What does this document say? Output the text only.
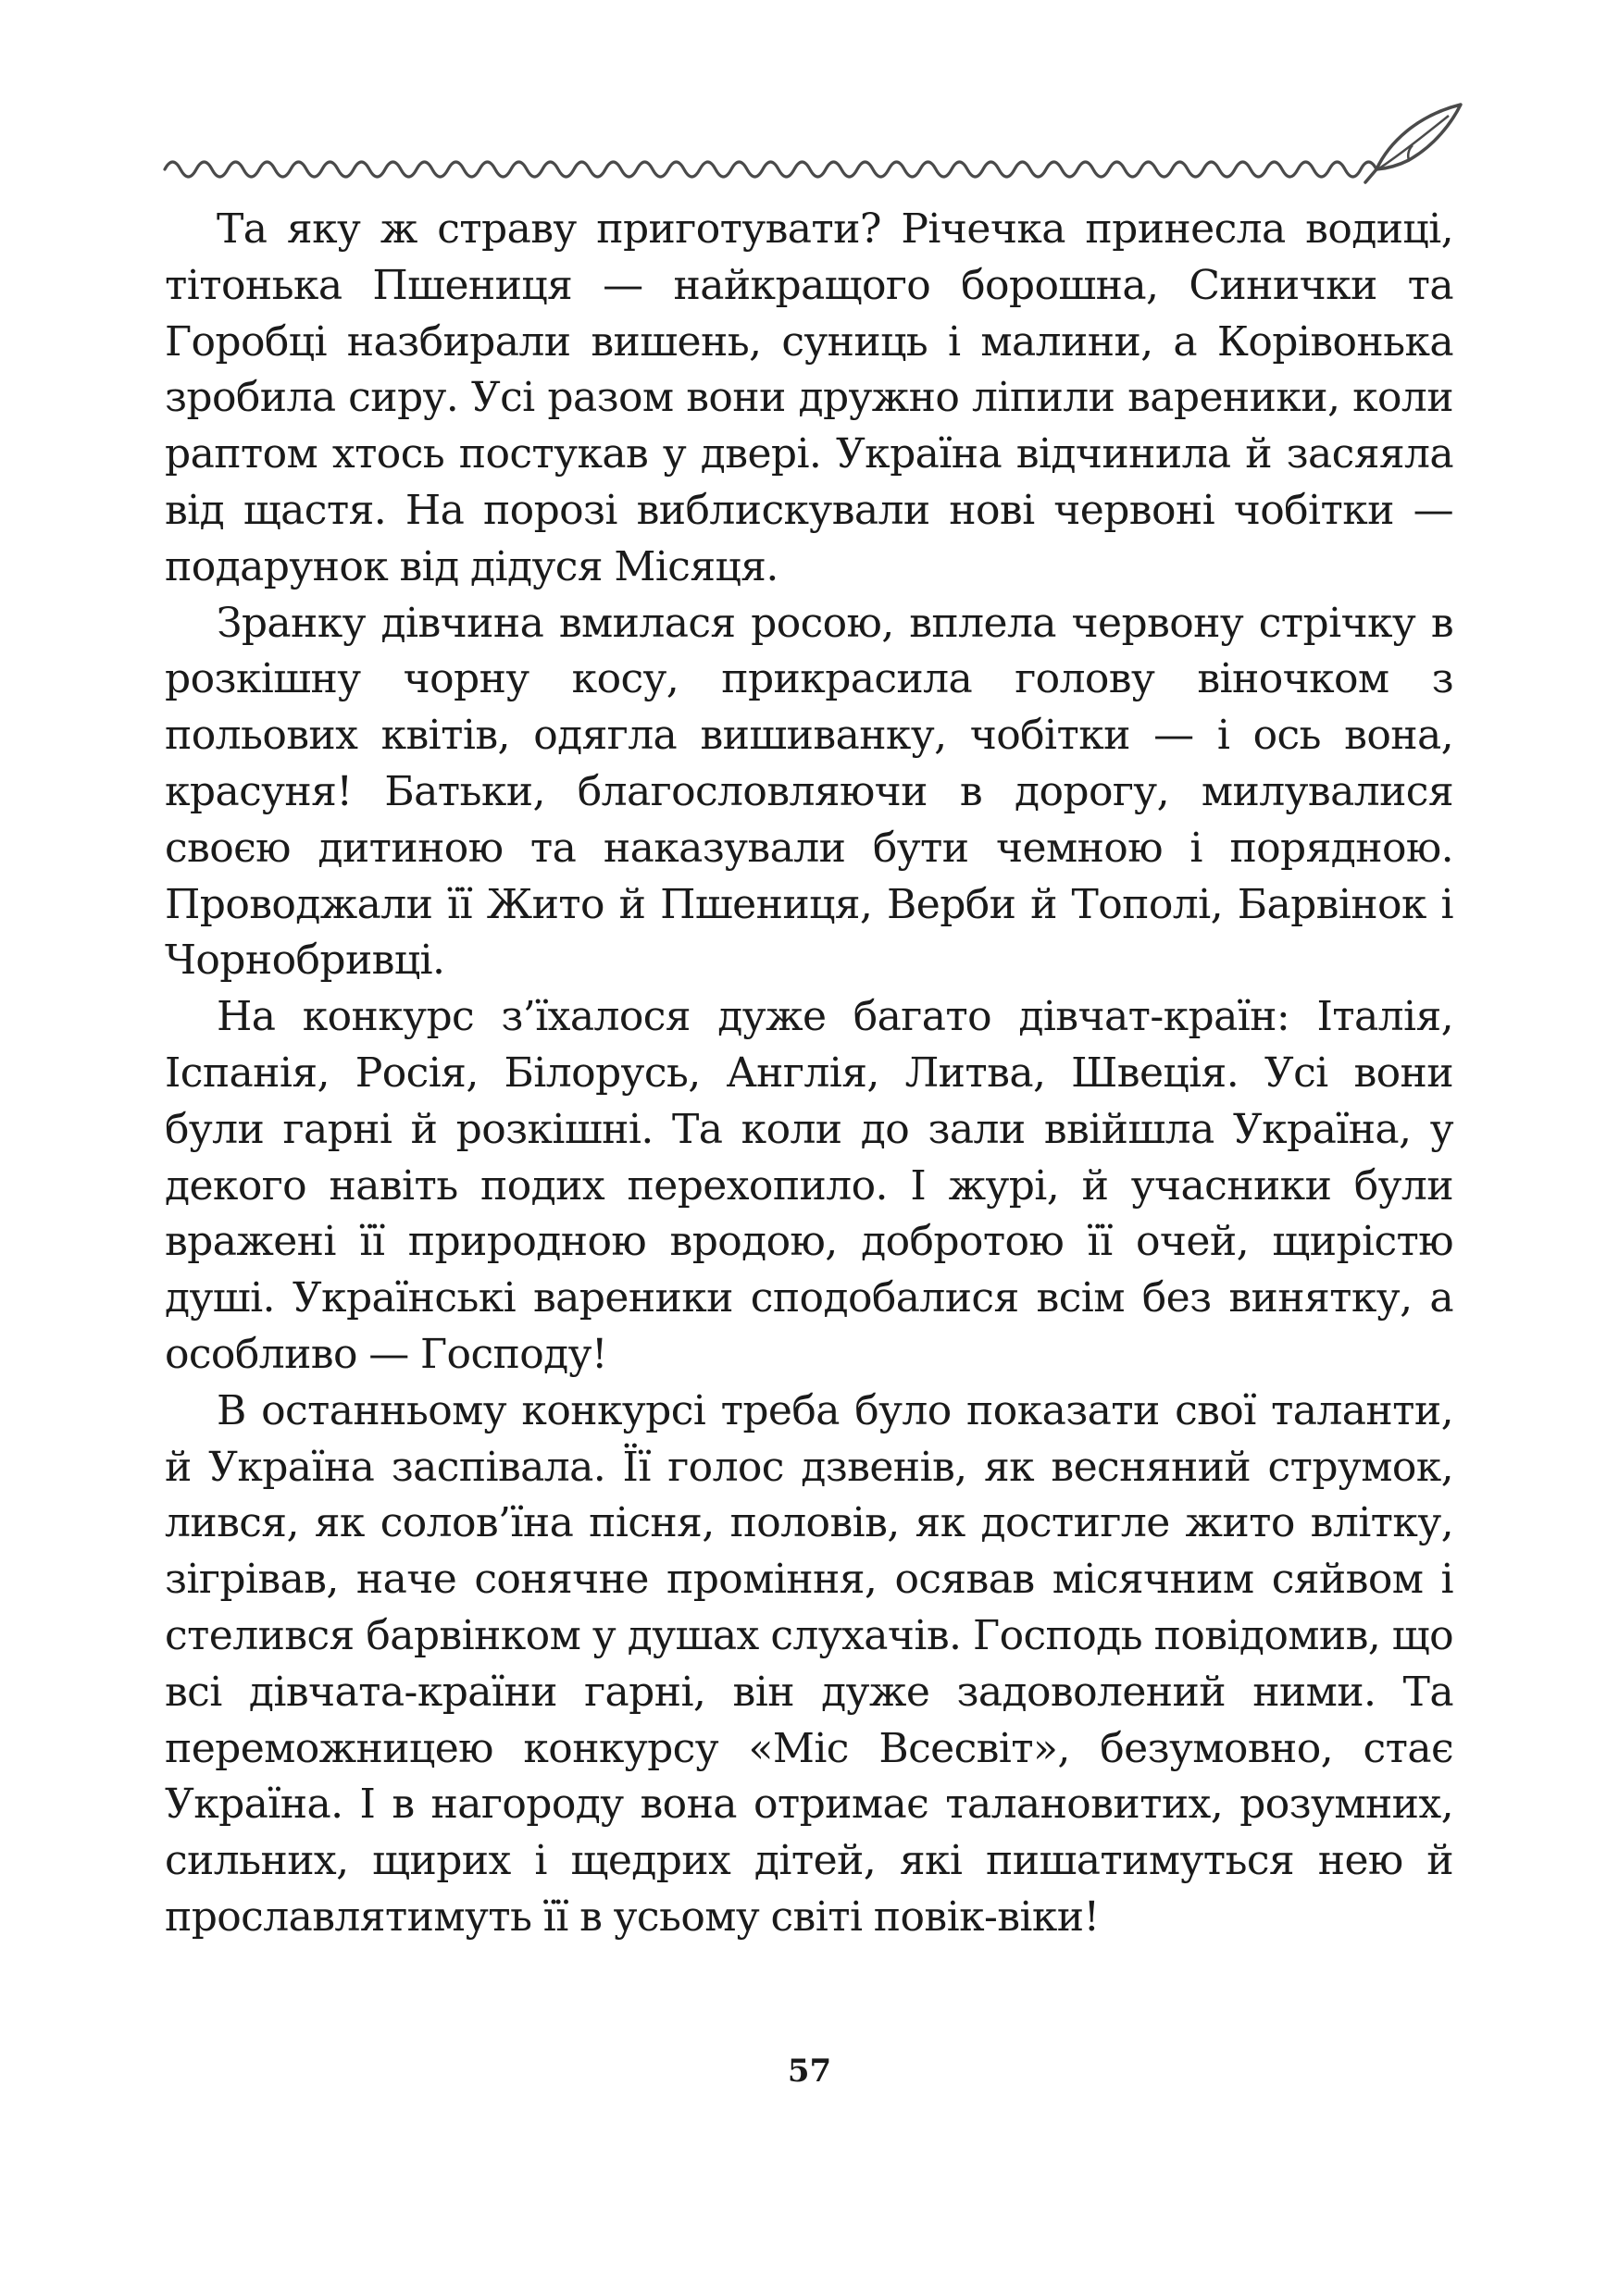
Та яку ж страву приготувати? Річечка принесла водиці, тітонька Пшениця — найкращого борошна, Синички та Горобці назбирали вишень, суниць і малини, а Корівонька зробила сиру. Усі разом вони дружно ліпили вареники, коли раптом хтось постукав у двері. Україна відчинила й засяяла від щастя. На порозі виблискували нові червоні чобітки — подарунок від дідуся Місяця.

Зранку дівчина вмилася росою, вплела червону стрічку в розкішну чорну косу, прикрасила голову віночком з польових квітів, одягла вишиванку, чобітки — і ось вона, красуня! Батьки, благословляючи в дорогу, милувалися своєю дитиною та наказували бути чемною і порядною. Проводжали її Жито й Пшениця, Верби й Тополі, Барвінок і Чорнобривці.

На конкурс з’їхалося дуже багато дівчат-країн: Італія, Іспанія, Росія, Білорусь, Англія, Литва, Швеція. Усі вони були гарні й розкішні. Та коли до зали ввійшла Україна, у декого навіть подих перехопило. І журі, й учасники були вражені її природною вродою, добротою її очей, щирістю душі. Українські вареники сподобалися всім без винятку, а особливо — Господу!

В останньому конкурсі треба було показати свої таланти, й Україна заспівала. Її голос дзвенів, як весняний струмок, лився, як солов’їна пісня, половів, як достигле жито влітку, зігрівав, наче сонячне проміння, осявав місячним сяйвом і стелився барвінком у душах слухачів. Господь повідомив, що всі дівчата-країни гарні, він дуже задоволений ними. Та переможницею конкурсу «Міс Всесвіт», безумовно, стає Україна. І в нагороду вона отримає талановитих, розумних, сильних, щирих і щедрих дітей, які пишатимуться нею й прославлятимуть її в усьому світі повік-віки!

57
